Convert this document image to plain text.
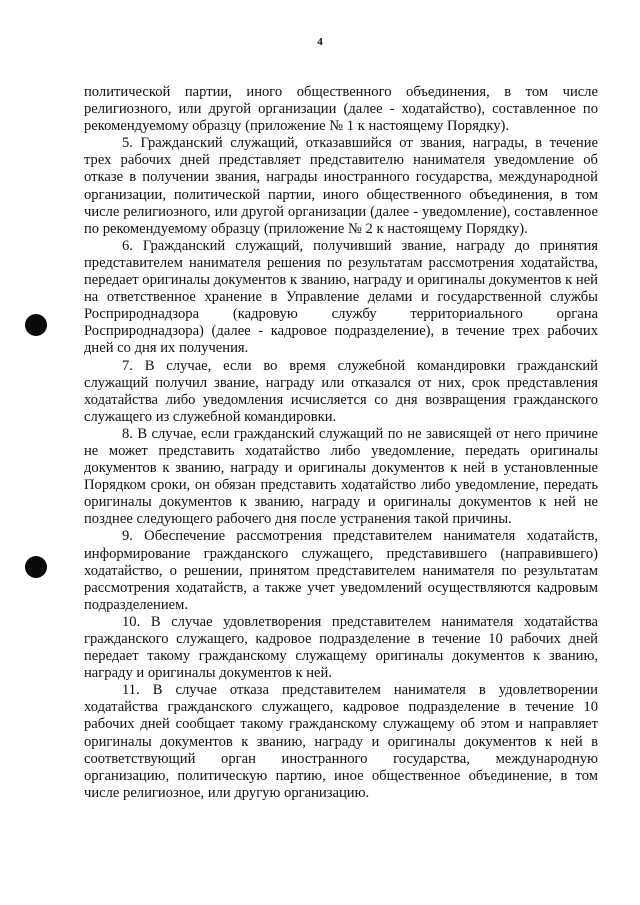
4

политической партии, иного общественного объединения, в том числе религиозного, или другой организации (далее - ходатайство), составленное по рекомендуемому образцу (приложение № 1 к настоящему Порядку).

5. Гражданский служащий, отказавшийся от звания, награды, в течение трех рабочих дней представляет представителю нанимателя уведомление об отказе в получении звания, награды иностранного государства, международной организации, политической партии, иного общественного объединения, в том числе религиозного, или другой организации (далее - уведомление), составленное по рекомендуемому образцу (приложение № 2 к настоящему Порядку).

6. Гражданский служащий, получивший звание, награду до принятия представителем нанимателя решения по результатам рассмотрения ходатайства, передает оригиналы документов к званию, награду и оригиналы документов к ней на ответственное хранение в Управление делами и государственной службы Росприроднадзора (кадровую службу территориального органа Росприроднадзора) (далее - кадровое подразделение), в течение трех рабочих дней со дня их получения.

7. В случае, если во время служебной командировки гражданский служащий получил звание, награду или отказался от них, срок представления ходатайства либо уведомления исчисляется со дня возвращения гражданского служащего из служебной командировки.

8. В случае, если гражданский служащий по не зависящей от него причине не может представить ходатайство либо уведомление, передать оригиналы документов к званию, награду и оригиналы документов к ней в установленные Порядком сроки, он обязан представить ходатайство либо уведомление, передать оригиналы документов к званию, награду и оригиналы документов к ней не позднее следующего рабочего дня после устранения такой причины.

9. Обеспечение рассмотрения представителем нанимателя ходатайств, информирование гражданского служащего, представившего (направившего) ходатайство, о решении, принятом представителем нанимателя по результатам рассмотрения ходатайств, а также учет уведомлений осуществляются кадровым подразделением.

10. В случае удовлетворения представителем нанимателя ходатайства гражданского служащего, кадровое подразделение в течение 10 рабочих дней передает такому гражданскому служащему оригиналы документов к званию, награду и оригиналы документов к ней.

11. В случае отказа представителем нанимателя в удовлетворении ходатайства гражданского служащего, кадровое подразделение в течение 10 рабочих дней сообщает такому гражданскому служащему об этом и направляет оригиналы документов к званию, награду и оригиналы документов к ней в соответствующий орган иностранного государства, международную организацию, политическую партию, иное общественное объединение, в том числе религиозное, или другую организацию.
